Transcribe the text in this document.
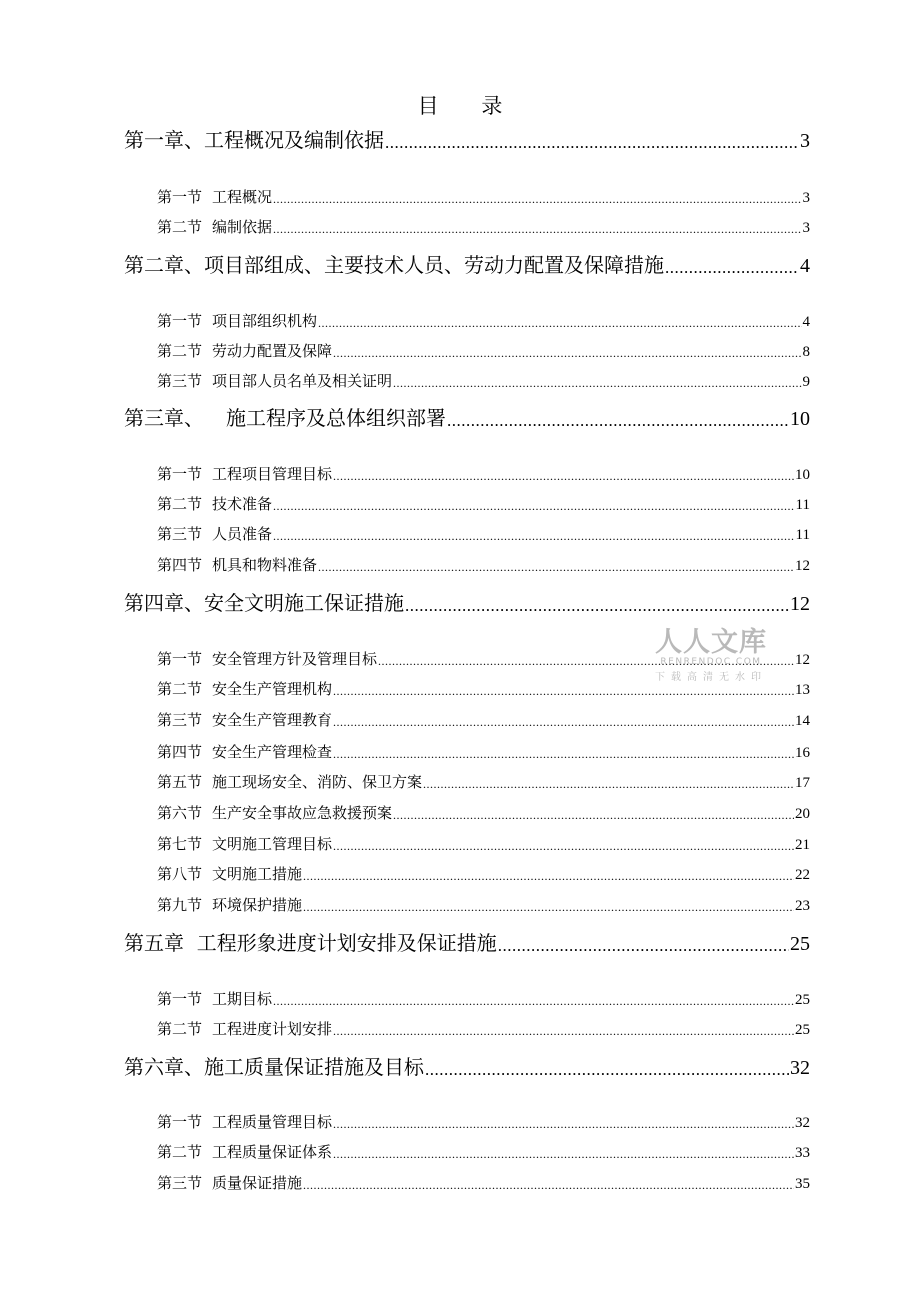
目 录
第一章、工程概况及编制依据 .....	3
第一节 工程概况 .....	3
第二节 编制依据 .....	3
第二章、项目部组成、主要技术人员、劳动力配置及保障措施 .....	4
第一节 项目部组织机构 .....	4
第二节 劳动力配置及保障 .....	8
第三节 项目部人员名单及相关证明 .....	9
第三章、 施工程序及总体组织部署 .....	10
第一节 工程项目管理目标 .....	10
第二节 技术准备 .....	11
第三节 人员准备 .....	11
第四节 机具和物料准备 .....	12
第四章、安全文明施工保证措施 .....	12
第一节 安全管理方针及管理目标 .....	12
第二节 安全生产管理机构 .....	13
第三节 安全生产管理教育 .....	14
第四节 安全生产管理检查 .....	16
第五节 施工现场安全、消防、保卫方案 .....	17
第六节 生产安全事故应急救援预案 .....	20
第七节 文明施工管理目标 .....	21
第八节 文明施工措施 .....	22
第九节 环境保护措施 .....	23
第五章  工程形象进度计划安排及保证措施 .....	25
第一节 工期目标 .....	25
第二节 工程进度计划安排 .....	25
第六章、施工质量保证措施及目标 .....	32
第一节 工程质量管理目标 .....	32
第二节 工程质量保证体系 .....	33
第三节 质量保证措施 .....	35
人人文库
RENRENDOC.COM
下载高清无水印
